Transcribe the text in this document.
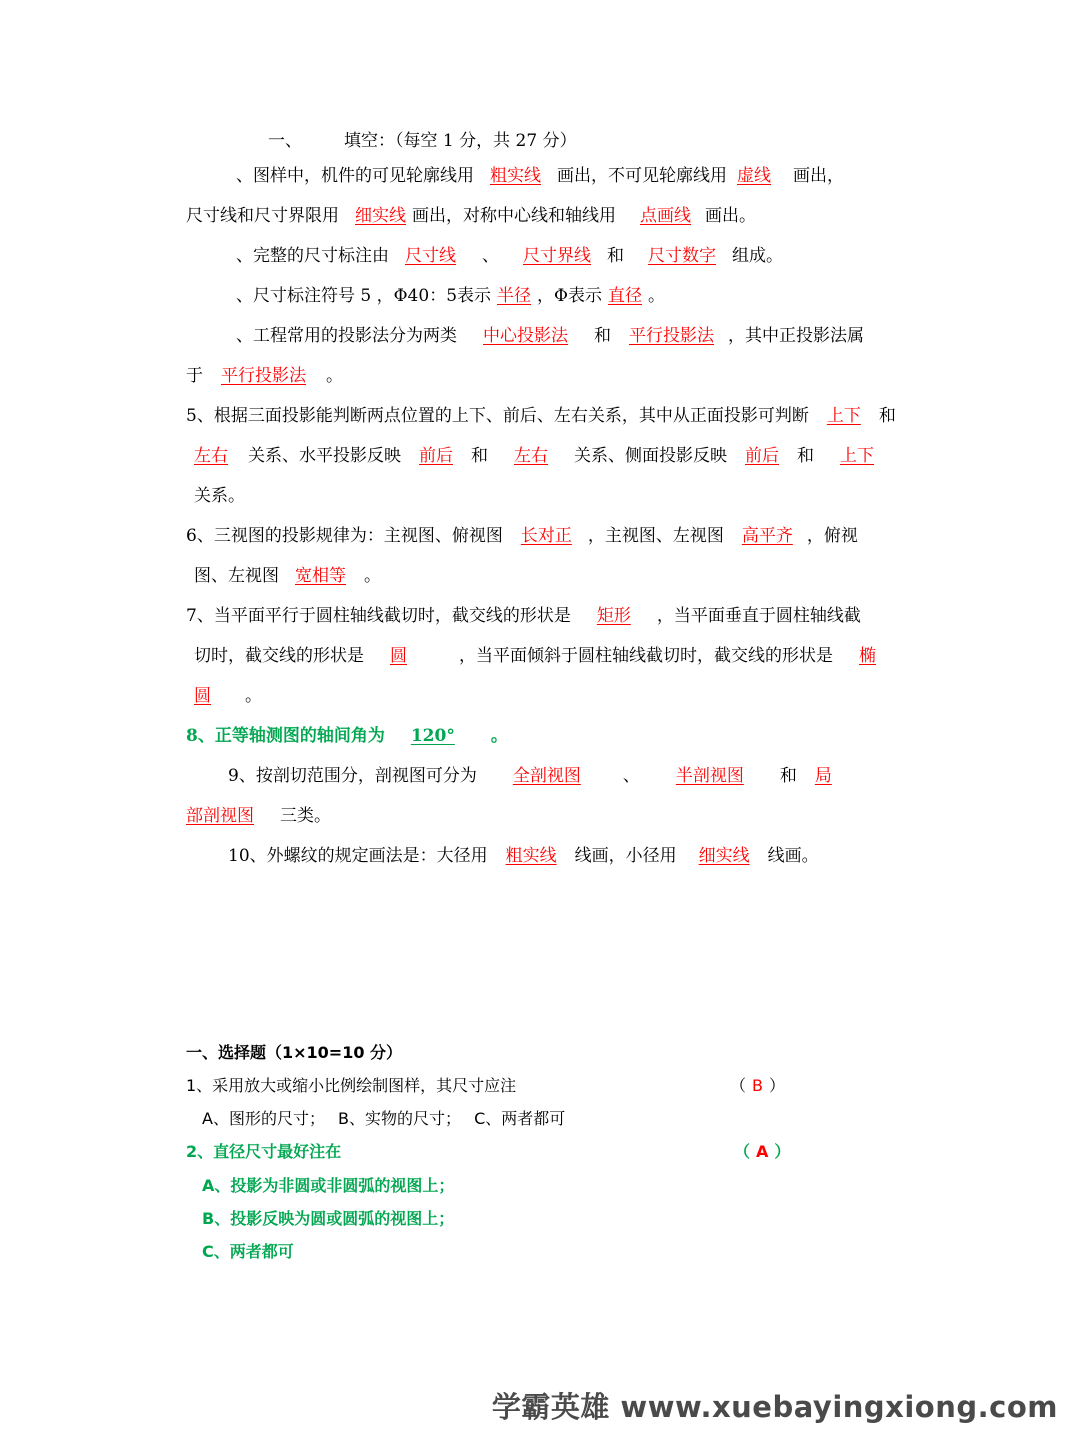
一、 填空：（每空 1 分，共 27 分）
、图样中，机件的可见轮廓线用 粗实线 画出，不可见轮廓线用 虚线 画出，
尺寸线和尺寸界限用 细实线 画出，对称中心线和轴线用 点画线 画出。
、完整的尺寸标注由 尺寸线 、 尺寸界线 和 尺寸数字 组成。
、尺寸标注符号 5 ，Φ40：5表示 半径 ，Φ表示 直径 。
、工程常用的投影法分为两类 中心投影法 和 平行投影法 ，其中正投影法属
于 平行投影法 。
5、根据三面投影能判断两点位置的上下、前后、左右关系，其中从正面投影可判断 上下 和
左右 关系、水平投影反映 前后 和 左右 关系、侧面投影反映 前后 和 上下
关系。
6、三视图的投影规律为：主视图、俯视图 长对正 ，主视图、左视图 高平齐 ，俯视
图、左视图 宽相等 。
7、当平面平行于圆柱轴线截切时，截交线的形状是 矩形 ，当平面垂直于圆柱轴线截
切时，截交线的形状是 圆	，当平面倾斜于圆柱轴线截切时，截交线的形状是 椭
圆 。
8、正等轴测图的轴间角为 120° 。
9、按剖切范围分，剖视图可分为 全剖视图 、 半剖视图 和 局
部剖视图 三类。
10、外螺纹的规定画法是：大径用 粗实线 线画，小径用 细实线 线画。
一、选择题（1×10=10 分）
1、采用放大或缩小比例绘制图样，其尺寸应注	（ B ）
A、图形的尺寸；　 B、实物的尺寸；　 C、两者都可
2、直径尺寸最好注在	（ A ）
A、投影为非圆或非圆弧的视图上；
B、投影反映为圆或圆弧的视图上；
C、两者都可
学霸英雄 www.xuebayingxiong.com
